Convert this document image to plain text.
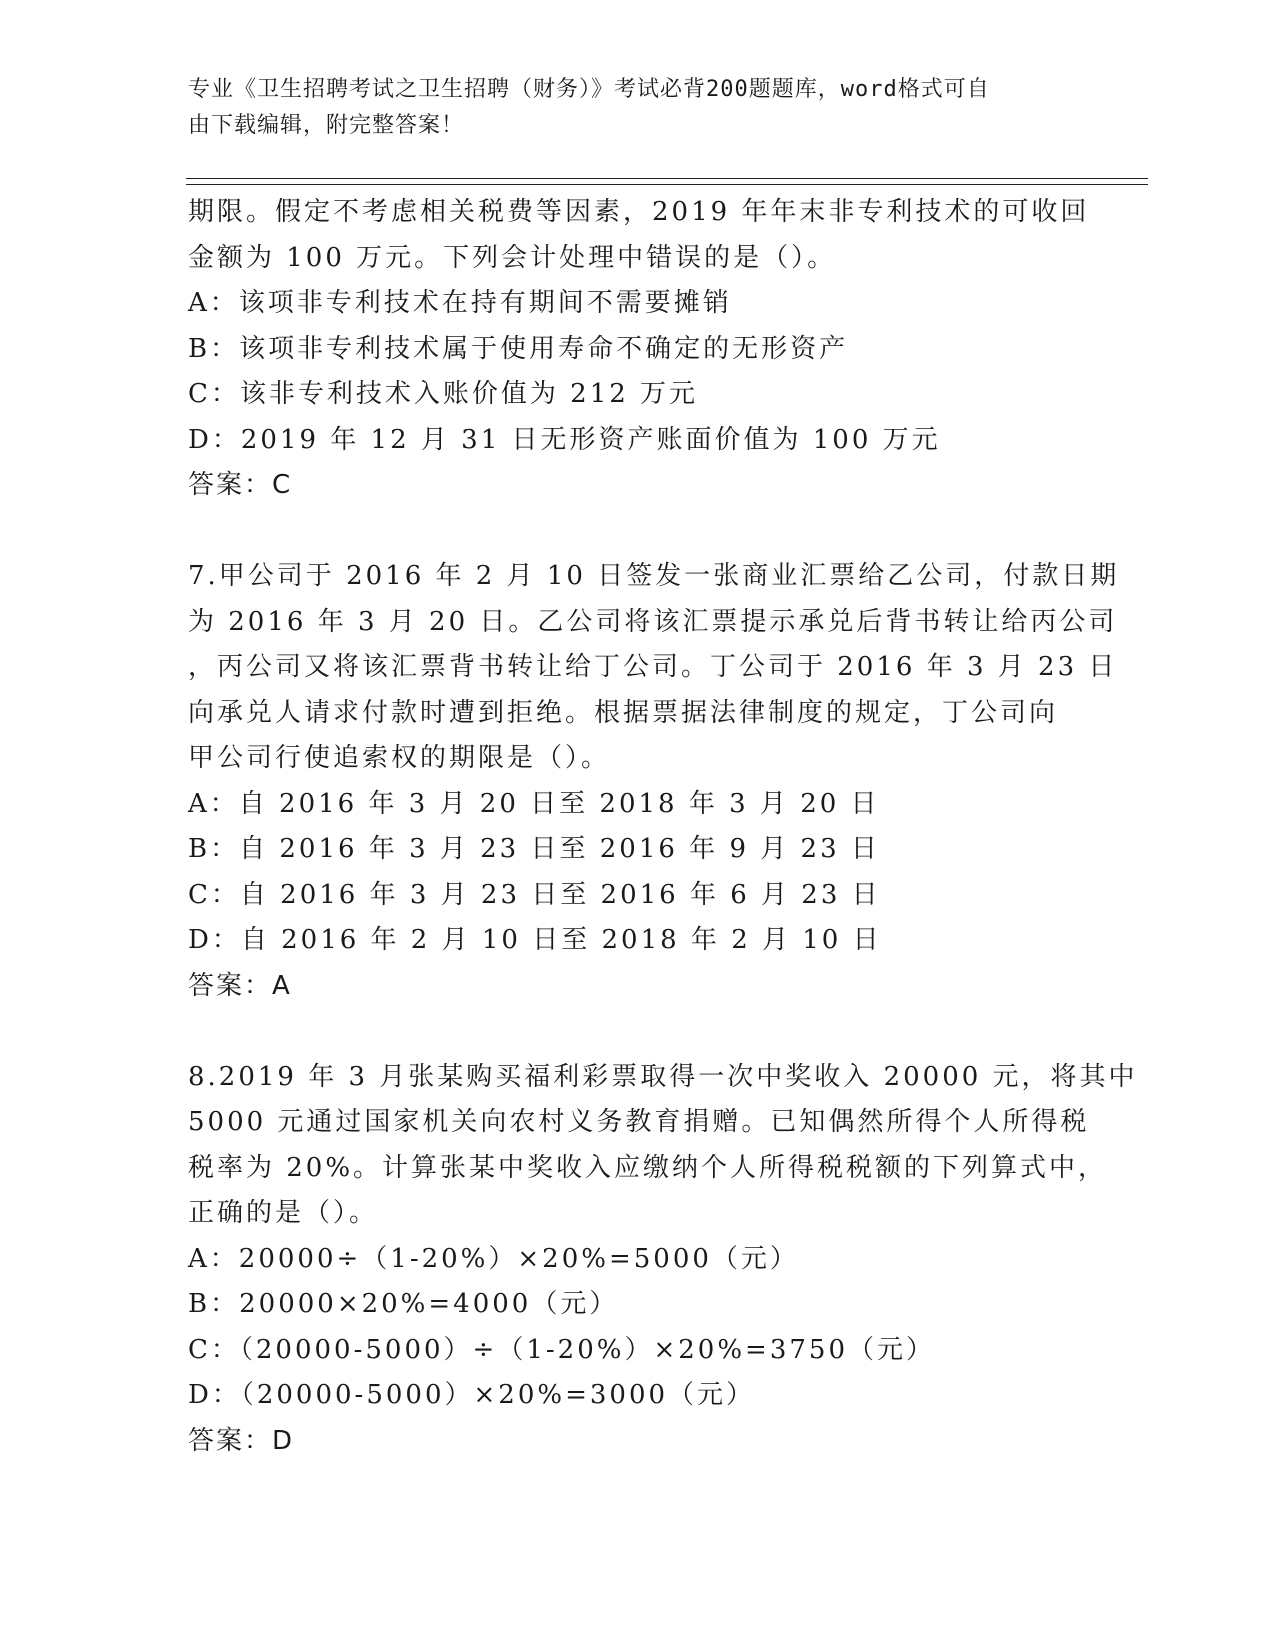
专业《卫生招聘考试之卫生招聘（财务）》考试必背200题题库，word格式可自
由下载编辑，附完整答案！
期限。假定不考虑相关税费等因素，2019 年年末非专利技术的可收回
金额为 100 万元。下列会计处理中错误的是（）。
A：该项非专利技术在持有期间不需要摊销
B：该项非专利技术属于使用寿命不确定的无形资产
C：该非专利技术入账价值为 212 万元
D：2019 年 12 月 31 日无形资产账面价值为 100 万元
答案：C
7.甲公司于 2016 年 2 月 10 日签发一张商业汇票给乙公司，付款日期
为 2016 年 3 月 20 日。乙公司将该汇票提示承兑后背书转让给丙公司
，丙公司又将该汇票背书转让给丁公司。丁公司于 2016 年 3 月 23 日
向承兑人请求付款时遭到拒绝。根据票据法律制度的规定，丁公司向
甲公司行使追索权的期限是（）。
A：自 2016 年 3 月 20 日至 2018 年 3 月 20 日
B：自 2016 年 3 月 23 日至 2016 年 9 月 23 日
C：自 2016 年 3 月 23 日至 2016 年 6 月 23 日
D：自 2016 年 2 月 10 日至 2018 年 2 月 10 日
答案：A
8.2019 年 3 月张某购买福利彩票取得一次中奖收入 20000 元，将其中
5000 元通过国家机关向农村义务教育捐赠。已知偶然所得个人所得税
税率为 20%。计算张某中奖收入应缴纳个人所得税税额的下列算式中，
正确的是（）。
A：20000÷（1-20%）×20%=5000（元）
B：20000×20%=4000（元）
C：（20000-5000）÷（1-20%）×20%=3750（元）
D：（20000-5000）×20%=3000（元）
答案：D
